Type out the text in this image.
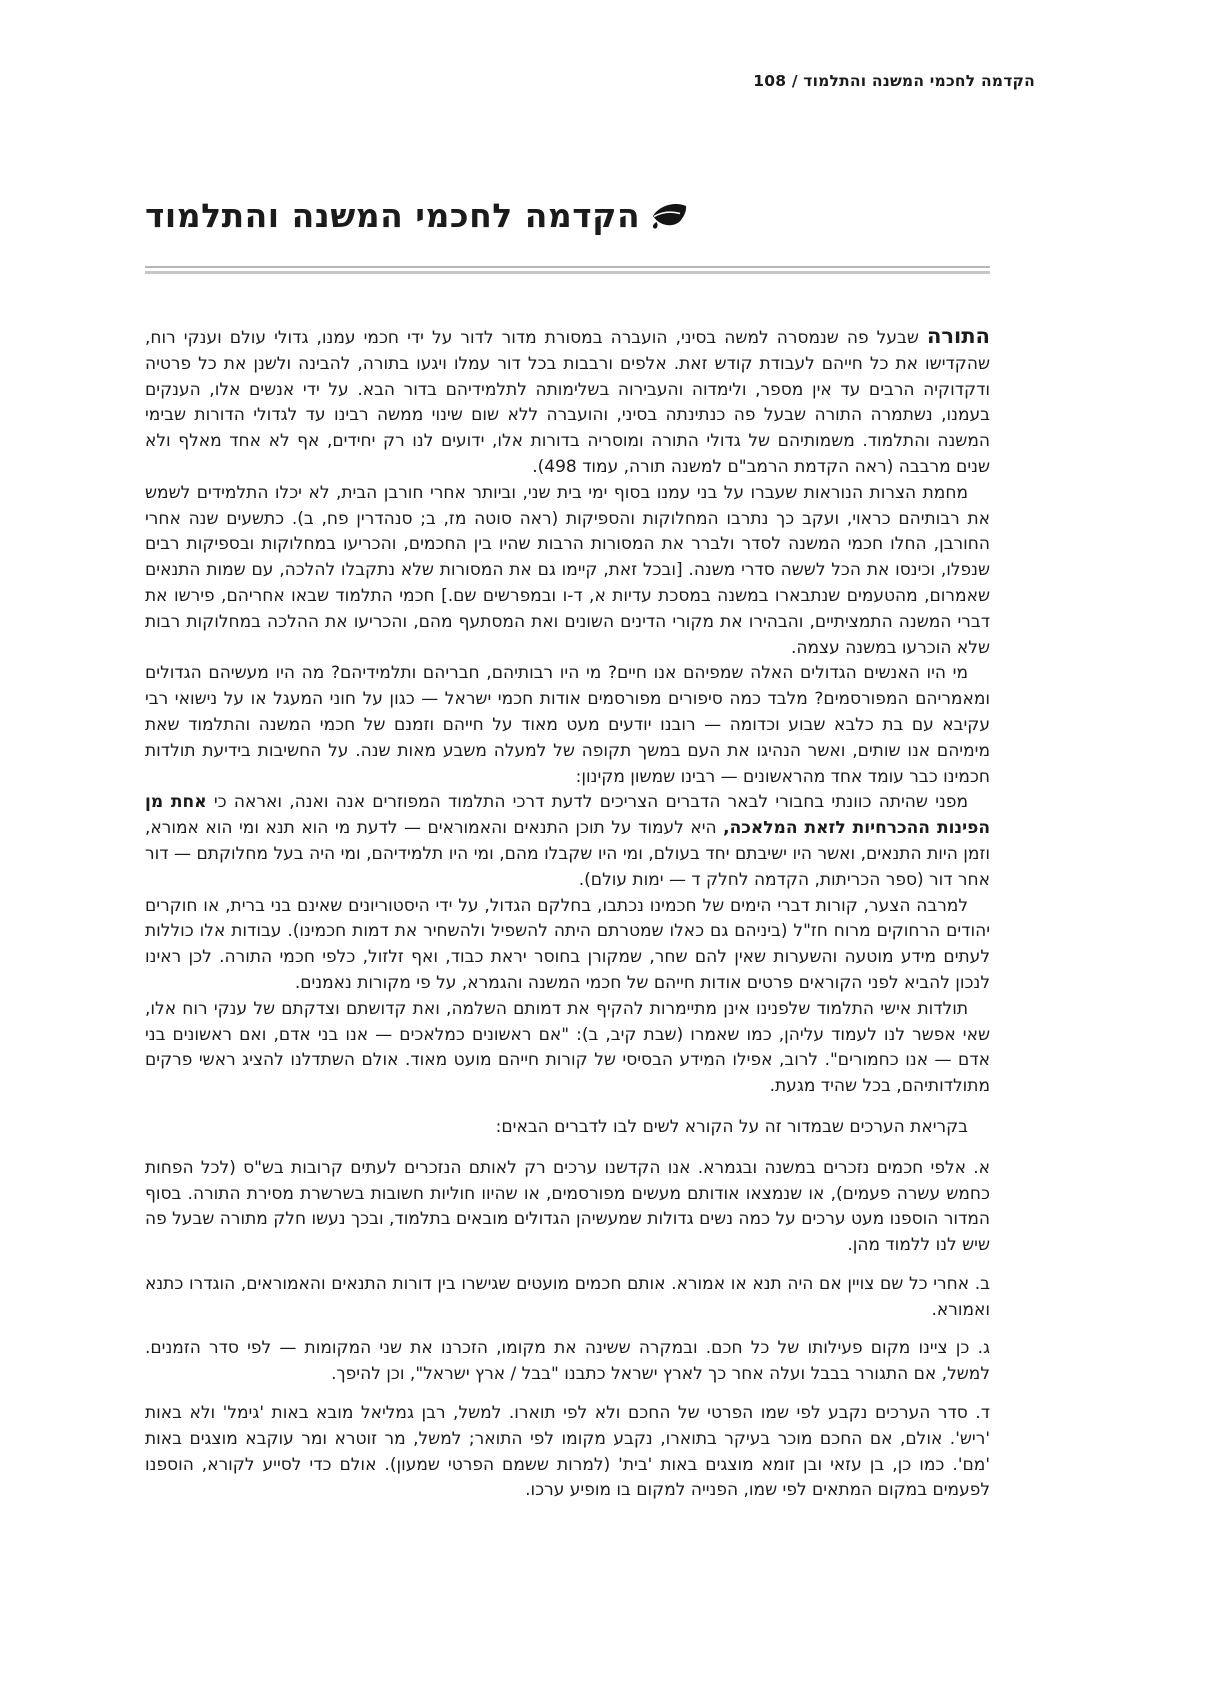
הקדמה לחכמי המשנה והתלמוד / 108
הקדמה לחכמי המשנה והתלמוד

התורה שבעל פה שנמסרה למשה בסיני, הועברה במסורת מדור לדור על ידי חכמי עמנו, גדולי עולם וענקי רוח, שהקדישו את כל חייהם לעבודת קודש זאת. אלפים ורבבות בכל דור עמלו ויגעו בתורה, להבינה ולשנן את כל פרטיה ודקדוקיה הרבים עד אין מספר, ולימדוה והעבירוה בשלימותה לתלמידיהם בדור הבא. על ידי אנשים אלו, הענקים בעמנו, נשתמרה התורה שבעל פה כנתינתה בסיני, והועברה ללא שום שינוי ממשה רבינו עד לגדולי הדורות שבימי המשנה והתלמוד. משמותיהם של גדולי התורה ומוסריה בדורות אלו, ידועים לנו רק יחידים, אף לא אחד מאלף ולא שנים מרבבה (ראה הקדמת הרמב"ם למשנה תורה, עמוד 498).

מחמת הצרות הנוראות שעברו על בני עמנו בסוף ימי בית שני, וביותר אחרי חורבן הבית, לא יכלו התלמידים לשמש את רבותיהם כראוי, ועקב כך נתרבו המחלוקות והספיקות (ראה סוטה מז, ב; סנהדרין פח, ב). כתשעים שנה אחרי החורבן, החלו חכמי המשנה לסדר ולברר את המסורות הרבות שהיו בין החכמים, והכריעו במחלוקות ובספיקות רבים שנפלו, וכינסו את הכל לששה סדרי משנה. [ובכל זאת, קיימו גם את המסורות שלא נתקבלו להלכה, עם שמות התנאים שאמרום, מהטעמים שנתבארו במשנה במסכת עדיות א, ד-ו ובמפרשים שם.] חכמי התלמוד שבאו אחריהם, פירשו את דברי המשנה התמציתיים, והבהירו את מקורי הדינים השונים ואת המסתעף מהם, והכריעו את ההלכה במחלוקות רבות שלא הוכרעו במשנה עצמה.

מי היו האנשים הגדולים האלה שמפיהם אנו חיים? מי היו רבותיהם, חבריהם ותלמידיהם? מה היו מעשיהם הגדולים ומאמריהם המפורסמים? מלבד כמה סיפורים מפורסמים אודות חכמי ישראל — כגון על חוני המעגל או על נישואי רבי עקיבא עם בת כלבא שבוע וכדומה — רובנו יודעים מעט מאוד על חייהם וזמנם של חכמי המשנה והתלמוד שאת מימיהם אנו שותים, ואשר הנהיגו את העם במשך תקופה של למעלה משבע מאות שנה. על החשיבות בידיעת תולדות חכמינו כבר עומד אחד מהראשונים — רבינו שמשון מקינון:

מפני שהיתה כוונתי בחבורי לבאר הדברים הצריכים לדעת דרכי התלמוד המפוזרים אנה ואנה, ואראה כי אחת מן הפינות ההכרחיות לזאת המלאכה, היא לעמוד על תוכן התנאים והאמוראים — לדעת מי הוא תנא ומי הוא אמורא, וזמן היות התנאים, ואשר היו ישיבתם יחד בעולם, ומי היו שקבלו מהם, ומי היו תלמידיהם, ומי היה בעל מחלוקתם — דור אחר דור (ספר הכריתות, הקדמה לחלק ד — ימות עולם).

למרבה הצער, קורות דברי הימים של חכמינו נכתבו, בחלקם הגדול, על ידי היסטוריונים שאינם בני ברית, או חוקרים יהודים הרחוקים מרוח חז"ל (ביניהם גם כאלו שמטרתם היתה להשפיל ולהשחיר את דמות חכמינו). עבודות אלו כוללות לעתים מידע מוטעה והשערות שאין להם שחר, שמקורן בחוסר יראת כבוד, ואף זלזול, כלפי חכמי התורה. לכן ראינו לנכון להביא לפני הקוראים פרטים אודות חייהם של חכמי המשנה והגמרא, על פי מקורות נאמנים.

תולדות אישי התלמוד שלפנינו אינן מתיימרות להקיף את דמותם השלמה, ואת קדושתם וצדקתם של ענקי רוח אלו, שאי אפשר לנו לעמוד עליהן, כמו שאמרו (שבת קיב, ב): "אם ראשונים כמלאכים — אנו בני אדם, ואם ראשונים בני אדם — אנו כחמורים". לרוב, אפילו המידע הבסיסי של קורות חייהם מועט מאוד. אולם השתדלנו להציג ראשי פרקים מתולדותיהם, בכל שהיד מגעת.

בקריאת הערכים שבמדור זה על הקורא לשים לבו לדברים הבאים:

א. אלפי חכמים נזכרים במשנה ובגמרא. אנו הקדשנו ערכים רק לאותם הנזכרים לעתים קרובות בש"ס (לכל הפחות כחמש עשרה פעמים), או שנמצאו אודותם מעשים מפורסמים, או שהיוו חוליות חשובות בשרשרת מסירת התורה. בסוף המדור הוספנו מעט ערכים על כמה נשים גדולות שמעשיהן הגדולים מובאים בתלמוד, ובכך נעשו חלק מתורה שבעל פה שיש לנו ללמוד מהן.

ב. אחרי כל שם צויין אם היה תנא או אמורא. אותם חכמים מועטים שגישרו בין דורות התנאים והאמוראים, הוגדרו כתנא ואמורא.

ג. כן ציינו מקום פעילותו של כל חכם. ובמקרה ששינה את מקומו, הזכרנו את שני המקומות — לפי סדר הזמנים. למשל, אם התגורר בבבל ועלה אחר כך לארץ ישראל כתבנו "בבל / ארץ ישראל", וכן להיפך.

ד. סדר הערכים נקבע לפי שמו הפרטי של החכם ולא לפי תוארו. למשל, רבן גמליאל מובא באות 'גימל' ולא באות 'ריש'. אולם, אם החכם מוכר בעיקר בתוארו, נקבע מקומו לפי התואר; למשל, מר זוטרא ומר עוקבא מוצגים באות 'מם'. כמו כן, בן עזאי ובן זומא מוצגים באות 'בית' (למרות ששמם הפרטי שמעון). אולם כדי לסייע לקורא, הוספנו לפעמים במקום המתאים לפי שמו, הפנייה למקום בו מופיע ערכו.
